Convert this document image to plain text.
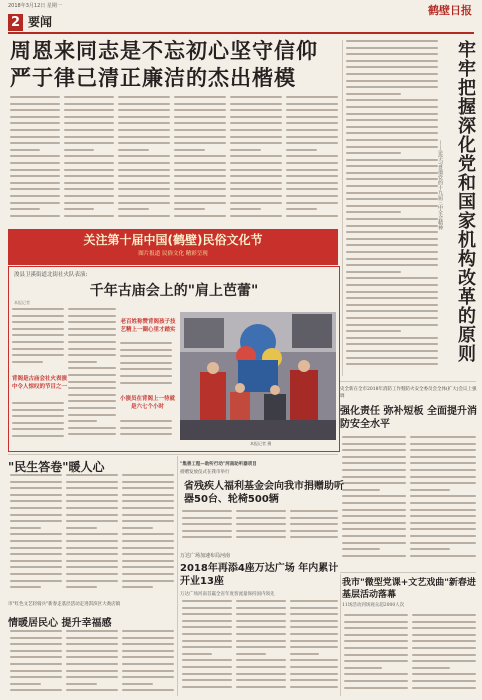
2018年3月12日 星期一	鹤壁日报
2 要闻
周恩来同志是不忘初心坚守信仰
严于律己清正廉洁的杰出楷模
——论学习贯彻党的十九届三中全会精神 牢牢把握深化党和国家机构改革的原则
关注第十届中国(鹤壁)民俗文化节
图片报道 民俗文化 精彩呈现
浚县卫溪街道北街社火队表演:
千年古庙会上的"肩上芭蕾"
本报记者
背阁是古庙会社火表演中令人惊叹的节目之一
小演员在背阁上一待就是六七个小时
老百姓称赞背阁孩子技艺精上一圈心里才踏实
本报记者 摄
史全新在全市2018年消防工作暨防火安全委员会全体(扩大)会议上强调
强化责任 弥补短板 全面提升消防安全水平
"民生答卷"暖人心	"集善工程—助听行动"河南助听器项目
捐赠发放仪式在我市举行
省残疾人福利基金会向我市捐赠助听器50台、轮椅500辆
万达广场加速布局河南
2018年再添4座万达广场 年内累计开业13座
万达广场河南首赢全省年度客流量保持国内领先
市"红色文艺轻骑兵"新春走基层活动走进淇滨区大赉店镇
情暖居民心 提升幸福感
我市"微型党课+文艺戏曲"新春进基层活动落幕
11场活动到场观众超2000人次
